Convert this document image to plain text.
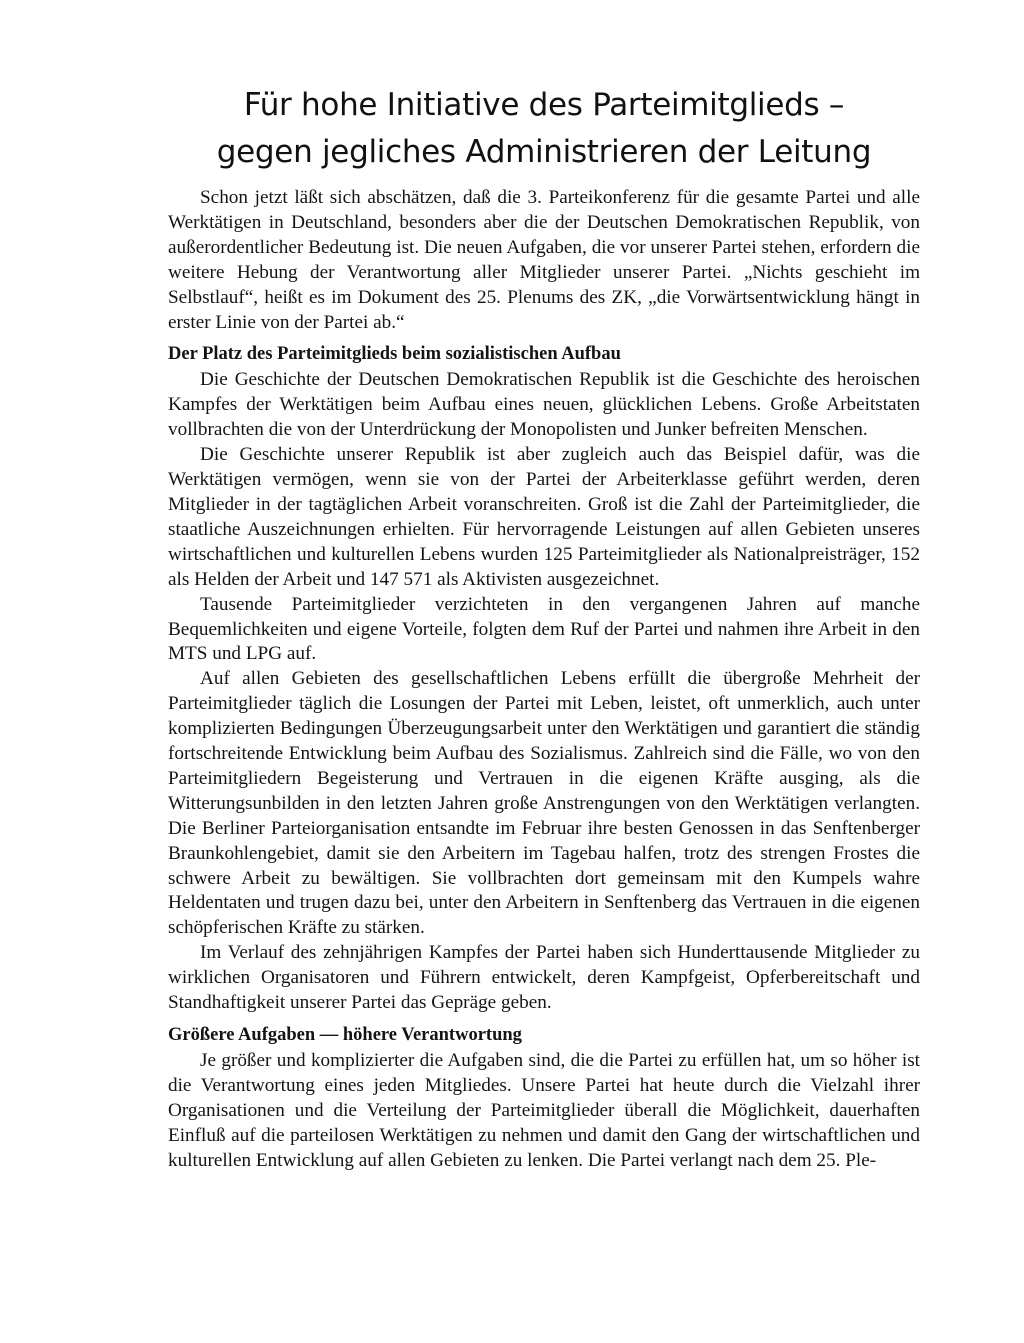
Für hohe Initiative des Parteimitglieds –
gegen jegliches Administrieren der Leitung

Schon jetzt läßt sich abschätzen, daß die 3. Parteikonferenz für die gesamte Partei und alle Werktätigen in Deutschland, besonders aber die der Deutschen Demokratischen Republik, von außerordentlicher Bedeutung ist. Die neuen Aufgaben, die vor unserer Partei stehen, erfordern die weitere Hebung der Verantwortung aller Mitglieder unserer Partei. „Nichts geschieht im Selbstlauf“, heißt es im Dokument des 25. Plenums des ZK, „die Vorwärtsentwicklung hängt in erster Linie von der Partei ab.“

Der Platz des Parteimitglieds beim sozialistischen Aufbau

Die Geschichte der Deutschen Demokratischen Republik ist die Geschichte des heroischen Kampfes der Werktätigen beim Aufbau eines neuen, glücklichen Lebens. Große Arbeitstaten vollbrachten die von der Unterdrückung der Monopolisten und Junker befreiten Menschen.

Die Geschichte unserer Republik ist aber zugleich auch das Beispiel dafür, was die Werktätigen vermögen, wenn sie von der Partei der Arbeiterklasse geführt werden, deren Mitglieder in der tagtäglichen Arbeit voranschreiten. Groß ist die Zahl der Parteimitglieder, die staatliche Auszeichnungen erhielten. Für hervorragende Leistungen auf allen Gebieten unseres wirtschaftlichen und kulturellen Lebens wurden 125 Parteimitglieder als Nationalpreisträger, 152 als Helden der Arbeit und 147 571 als Aktivisten ausgezeichnet.

Tausende Parteimitglieder verzichteten in den vergangenen Jahren auf manche Bequemlichkeiten und eigene Vorteile, folgten dem Ruf der Partei und nahmen ihre Arbeit in den MTS und LPG auf.

Auf allen Gebieten des gesellschaftlichen Lebens erfüllt die übergroße Mehrheit der Parteimitglieder täglich die Losungen der Partei mit Leben, leistet, oft unmerklich, auch unter komplizierten Bedingungen Überzeugungsarbeit unter den Werktätigen und garantiert die ständig fortschreitende Entwicklung beim Aufbau des Sozialismus. Zahlreich sind die Fälle, wo von den Parteimitgliedern Begeisterung und Vertrauen in die eigenen Kräfte ausging, als die Witterungsunbilden in den letzten Jahren große Anstrengungen von den Werktätigen verlangten. Die Berliner Parteiorganisation entsandte im Februar ihre besten Genossen in das Senftenberger Braunkohlengebiet, damit sie den Arbeitern im Tagebau halfen, trotz des strengen Frostes die schwere Arbeit zu bewältigen. Sie vollbrachten dort gemeinsam mit den Kumpels wahre Heldentaten und trugen dazu bei, unter den Arbeitern in Senftenberg das Vertrauen in die eigenen schöpferischen Kräfte zu stärken.

Im Verlauf des zehnjährigen Kampfes der Partei haben sich Hunderttausende Mitglieder zu wirklichen Organisatoren und Führern entwickelt, deren Kampfgeist, Opferbereitschaft und Standhaftigkeit unserer Partei das Gepräge geben.

Größere Aufgaben — höhere Verantwortung

Je größer und komplizierter die Aufgaben sind, die die Partei zu erfüllen hat, um so höher ist die Verantwortung eines jeden Mitgliedes. Unsere Partei hat heute durch die Vielzahl ihrer Organisationen und die Verteilung der Parteimitglieder überall die Möglichkeit, dauerhaften Einfluß auf die parteilosen Werktätigen zu nehmen und damit den Gang der wirtschaftlichen und kulturellen Entwicklung auf allen Gebieten zu lenken. Die Partei verlangt nach dem 25. Ple-
